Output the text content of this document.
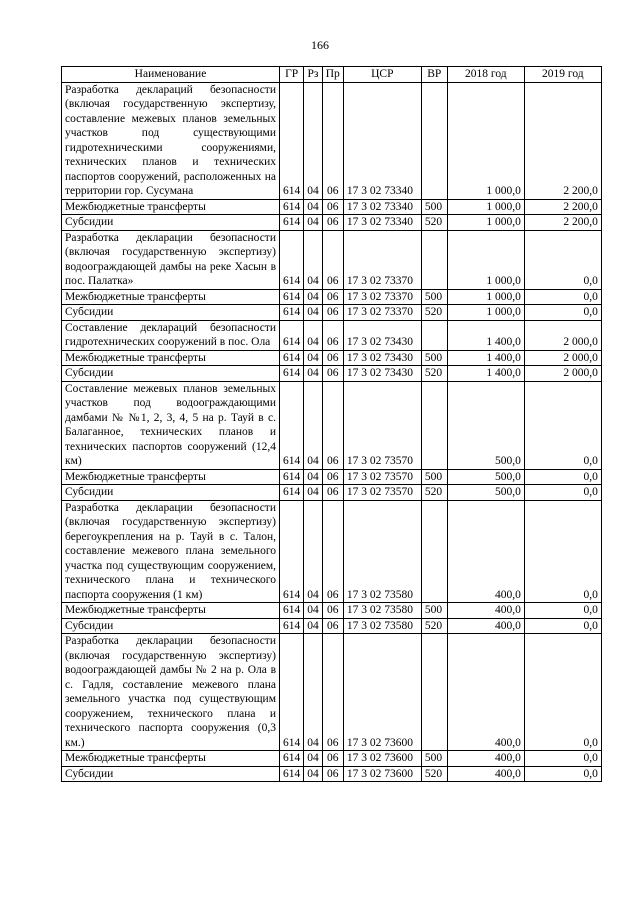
166
Наименование	ГР	Рз	Пр	ЦСР	ВР	2018 год	2019 год
Разработка деклараций безопасности (включая государственную экспертизу, составление межевых планов земельных участков под существующими гидротехническими сооружениями, технических планов и технических паспортов сооружений, расположенных на территории гор. Сусумана	614	04	06	17 3 02 73340		1 000,0	2 200,0
Межбюджетные трансферты	614	04	06	17 3 02 73340	500	1 000,0	2 200,0
Субсидии	614	04	06	17 3 02 73340	520	1 000,0	2 200,0
Разработка декларации безопасности (включая государственную экспертизу) водоограждающей дамбы на реке Хасын в пос. Палатка»	614	04	06	17 3 02 73370		1 000,0	0,0
Межбюджетные трансферты	614	04	06	17 3 02 73370	500	1 000,0	0,0
Субсидии	614	04	06	17 3 02 73370	520	1 000,0	0,0
Составление деклараций безопасности гидротехнических сооружений в пос. Ола	614	04	06	17 3 02 73430		1 400,0	2 000,0
Межбюджетные трансферты	614	04	06	17 3 02 73430	500	1 400,0	2 000,0
Субсидии	614	04	06	17 3 02 73430	520	1 400,0	2 000,0
Составление межевых планов земельных участков под водоограждающими дамбами № №1, 2, 3, 4, 5 на р. Тауй в с. Балаганное, технических планов и технических паспортов сооружений (12,4 км)	614	04	06	17 3 02 73570		500,0	0,0
Межбюджетные трансферты	614	04	06	17 3 02 73570	500	500,0	0,0
Субсидии	614	04	06	17 3 02 73570	520	500,0	0,0
Разработка декларации безопасности (включая государственную экспертизу) берегоукрепления на р. Тауй в с. Талон, составление межевого плана земельного участка под существующим сооружением, технического плана и технического паспорта сооружения (1 км)	614	04	06	17 3 02 73580		400,0	0,0
Межбюджетные трансферты	614	04	06	17 3 02 73580	500	400,0	0,0
Субсидии	614	04	06	17 3 02 73580	520	400,0	0,0
Разработка декларации безопасности (включая государственную экспертизу) водоограждающей дамбы № 2 на р. Ола в с. Гадля, составление межевого плана земельного участка под существующим сооружением, технического плана и технического паспорта сооружения (0,3 км.)	614	04	06	17 3 02 73600		400,0	0,0
Межбюджетные трансферты	614	04	06	17 3 02 73600	500	400,0	0,0
Субсидии	614	04	06	17 3 02 73600	520	400,0	0,0
